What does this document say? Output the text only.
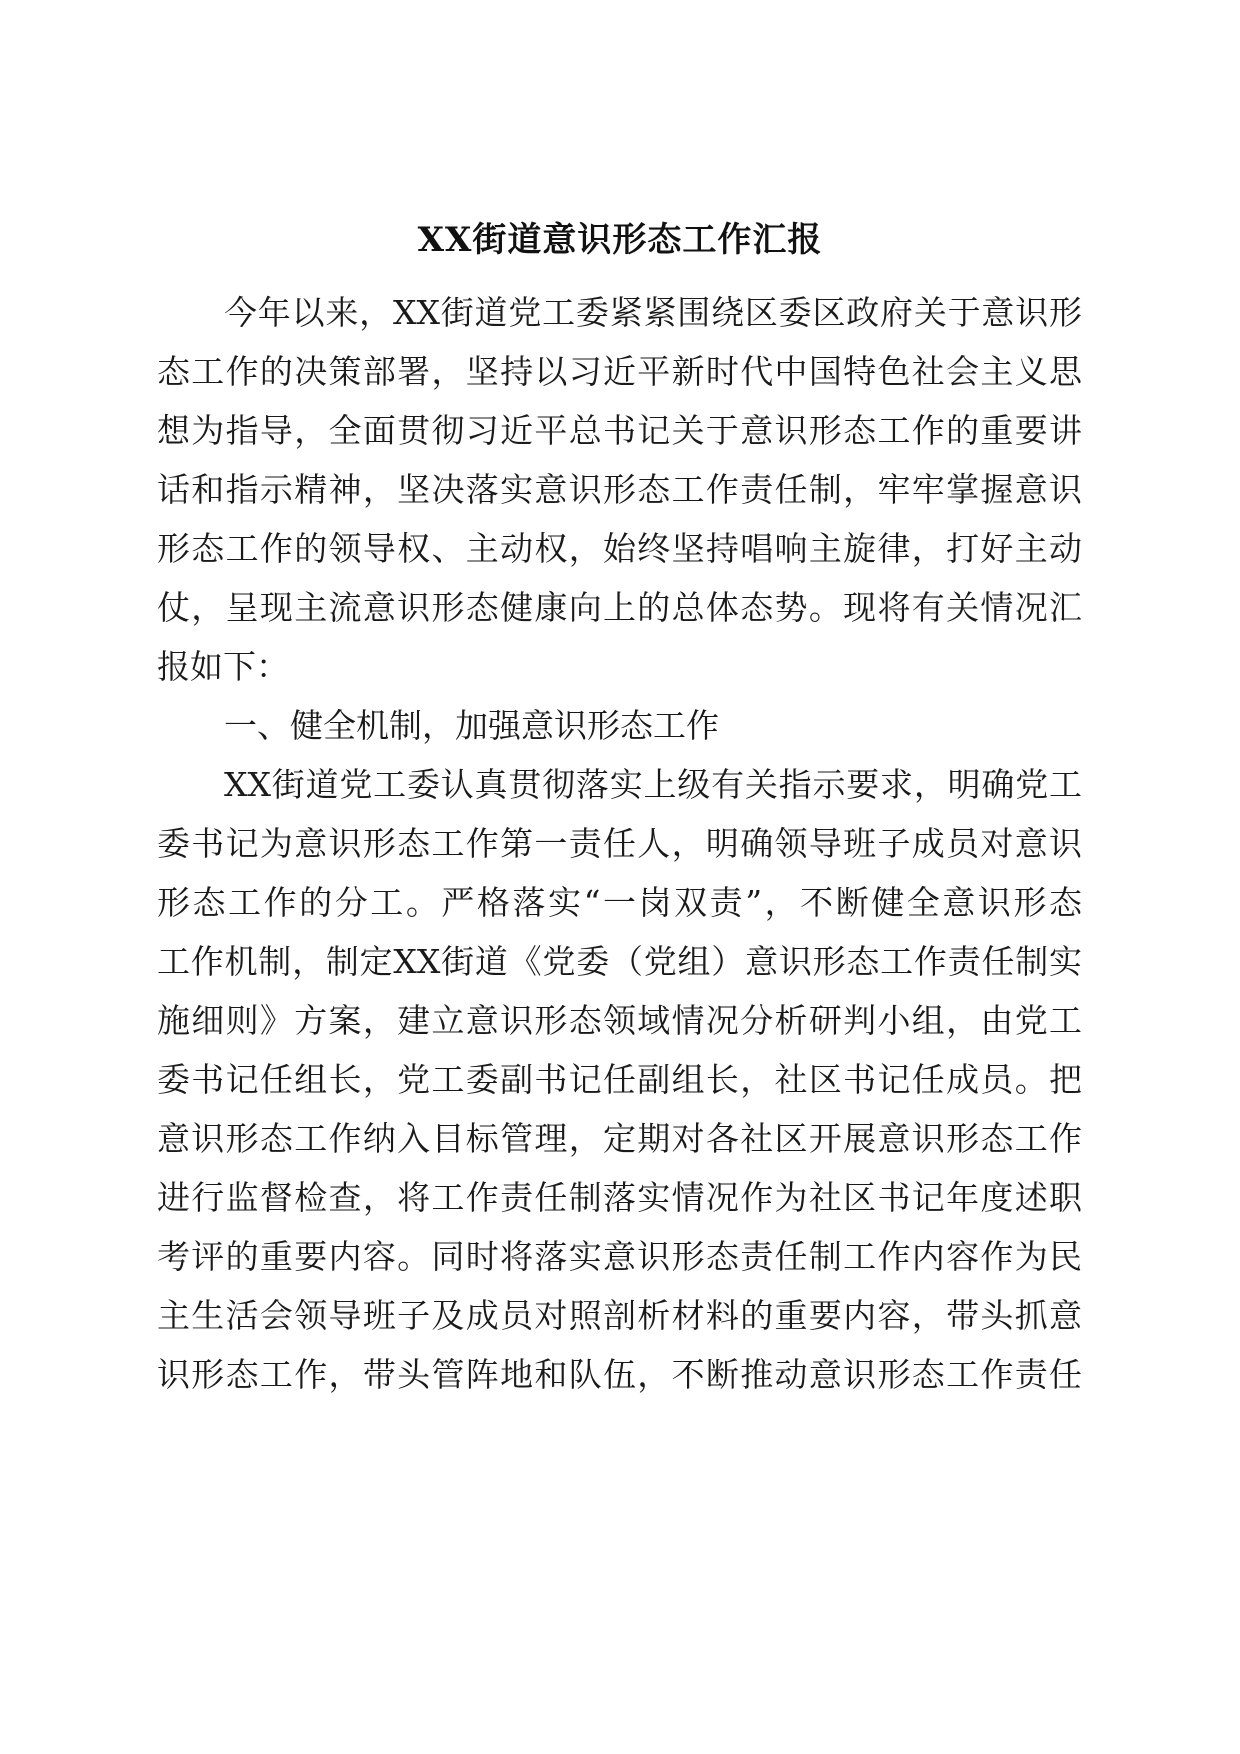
XX街道意识形态工作汇报
今年以来，XX街道党工委紧紧围绕区委区政府关于意识形
态工作的决策部署，坚持以习近平新时代中国特色社会主义思
想为指导，全面贯彻习近平总书记关于意识形态工作的重要讲
话和指示精神，坚决落实意识形态工作责任制，牢牢掌握意识
形态工作的领导权、主动权，始终坚持唱响主旋律，打好主动
仗，呈现主流意识形态健康向上的总体态势。现将有关情况汇
报如下：
一、健全机制，加强意识形态工作
XX街道党工委认真贯彻落实上级有关指示要求，明确党工
委书记为意识形态工作第一责任人，明确领导班子成员对意识
形态工作的分工。严格落实“一岗双责”，不断健全意识形态
工作机制，制定XX街道《党委（党组）意识形态工作责任制实
施细则》方案，建立意识形态领域情况分析研判小组，由党工
委书记任组长，党工委副书记任副组长，社区书记任成员。把
意识形态工作纳入目标管理，定期对各社区开展意识形态工作
进行监督检查，将工作责任制落实情况作为社区书记年度述职
考评的重要内容。同时将落实意识形态责任制工作内容作为民
主生活会领导班子及成员对照剖析材料的重要内容，带头抓意
识形态工作，带头管阵地和队伍，不断推动意识形态工作责任
